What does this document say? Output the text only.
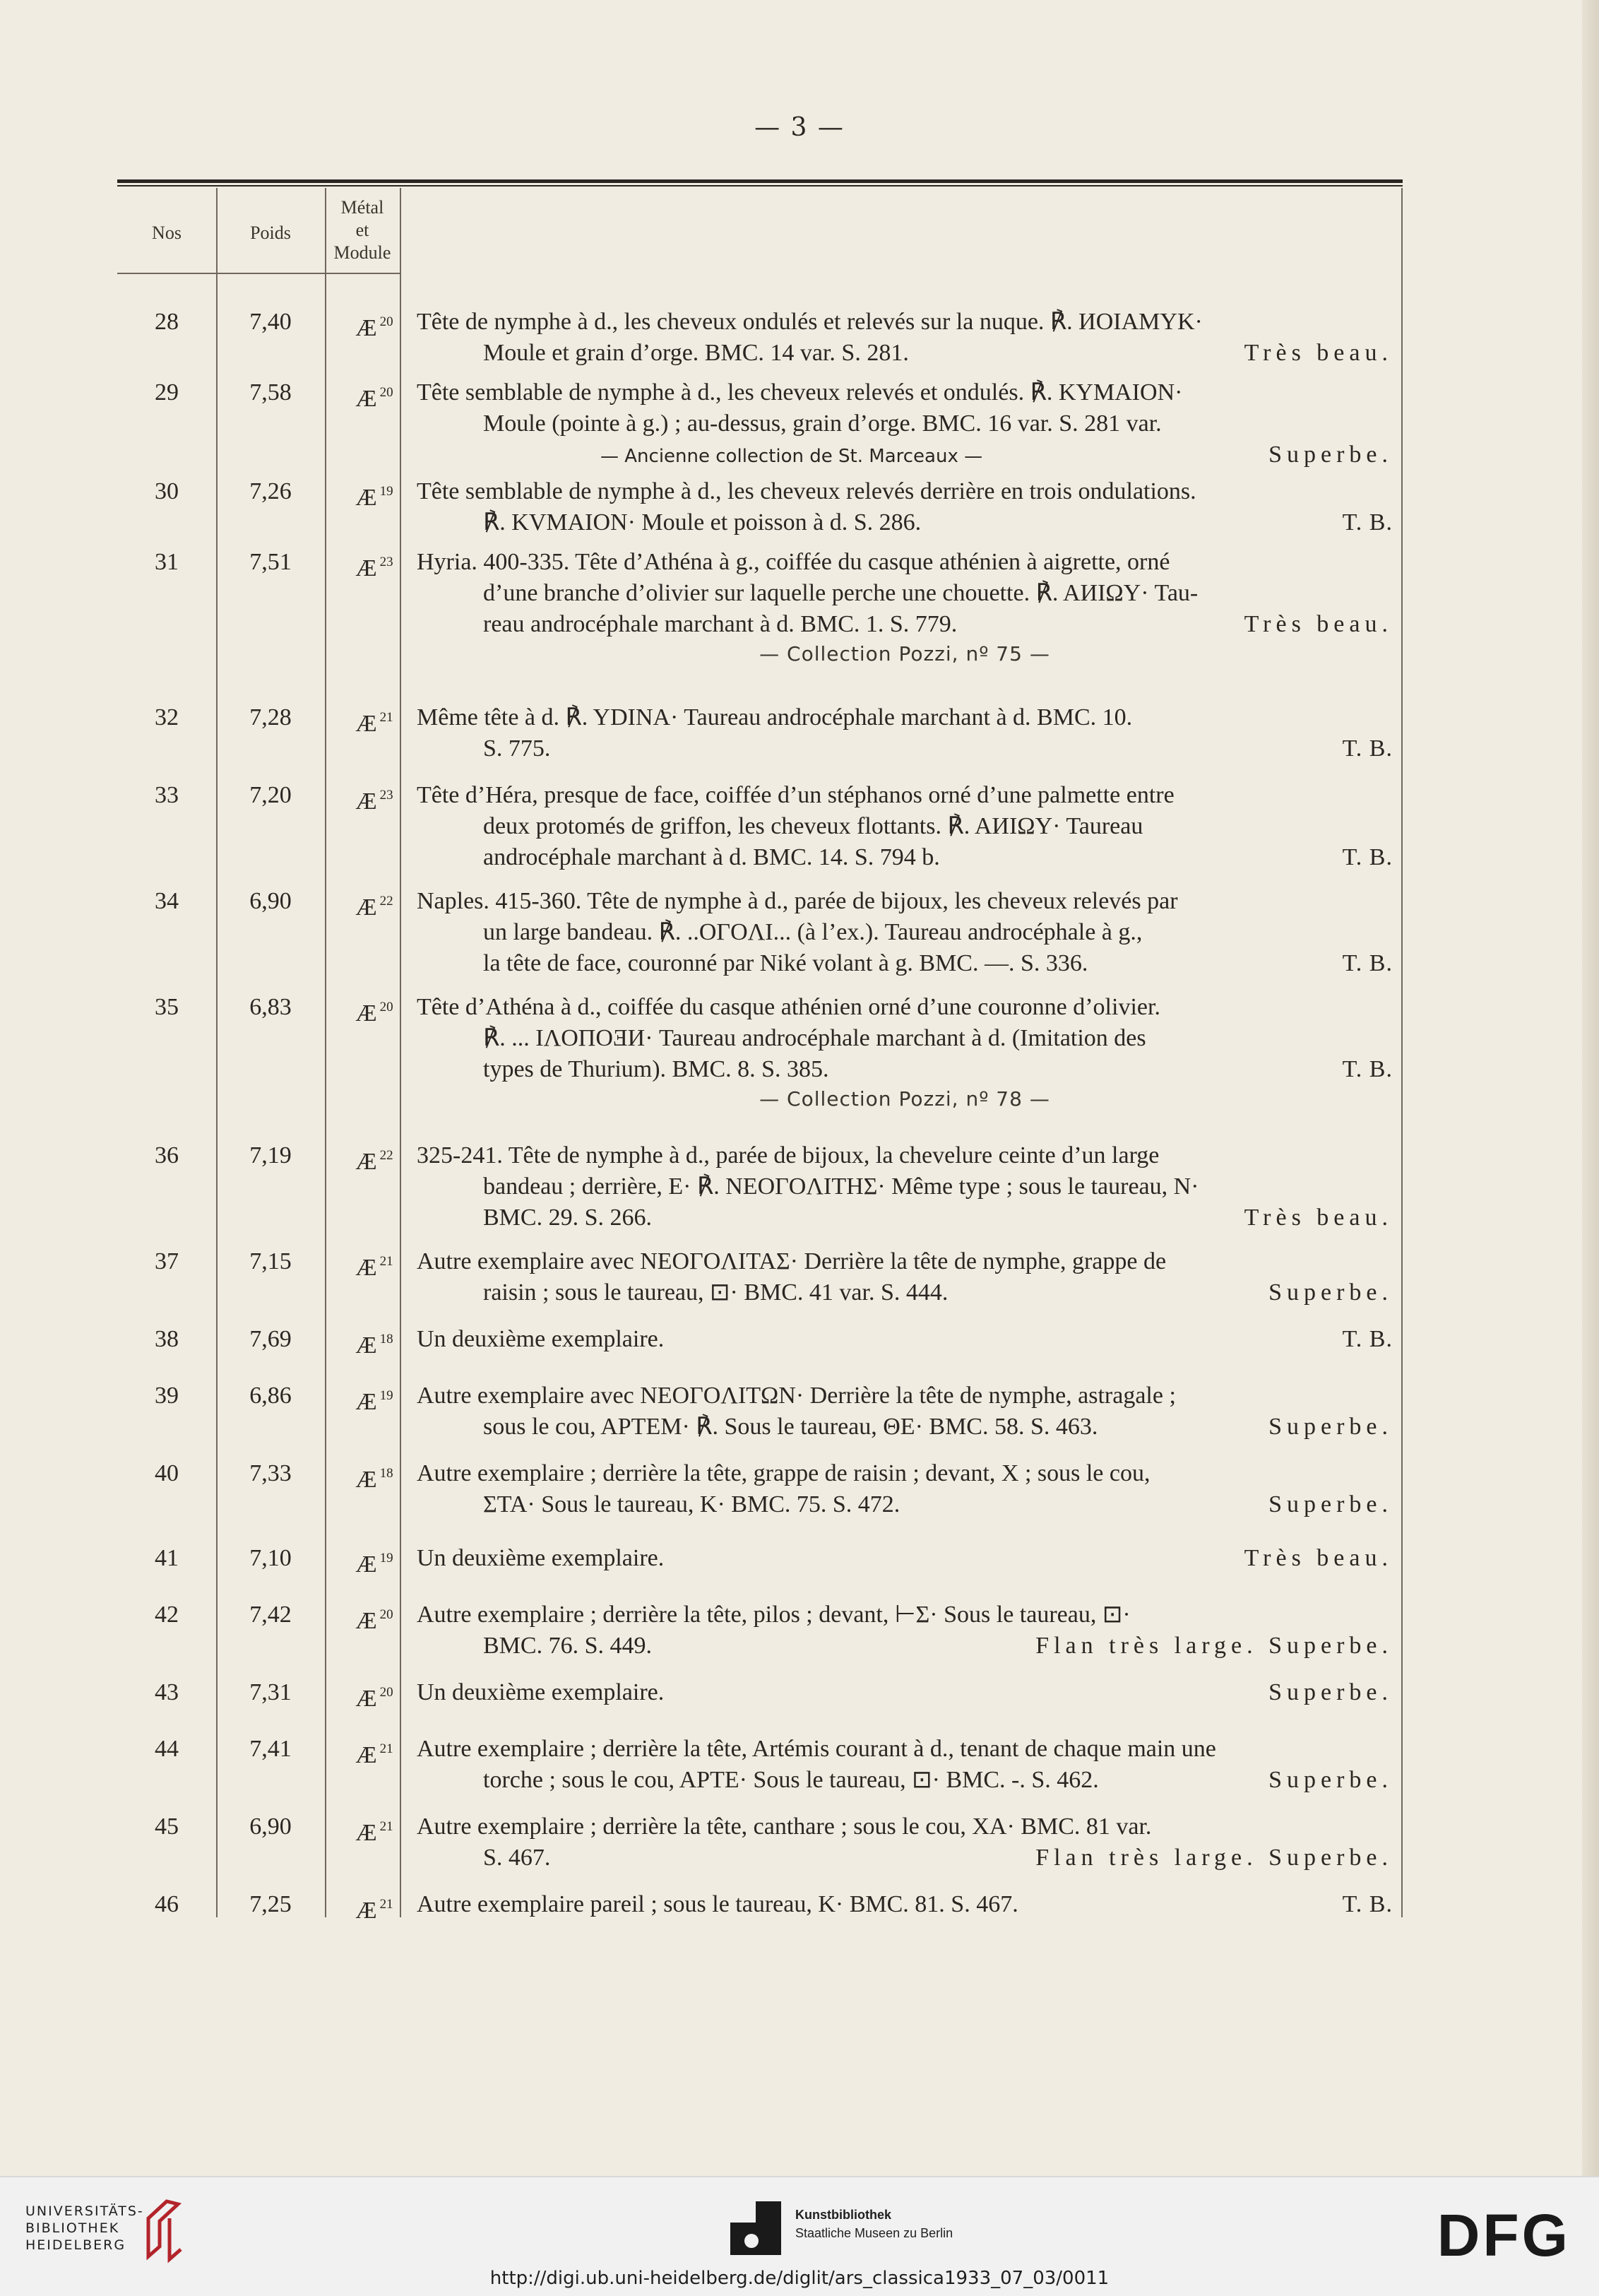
— 3 —
Nos	Poids
Métal
et
Module
28	7,40	Æ $^{20}$ Tête de nymphe à d., les cheveux ondulés et relevés sur la nuque. ℟. ИOIAMYK·
Moule et grain d’orge. BMC. 14 var. S. 281.	Très beau.
29	7,58	Æ $^{20}$ Tête semblable de nymphe à d., les cheveux relevés et ondulés. ℟. KYMAION·
Moule (pointe à g.) ; au-dessus, grain d’orge. BMC. 16 var. S. 281 var.
— Ancienne collection de St. Marceaux —	Superbe.
30	7,26	Æ $^{19}$ Tête semblable de nymphe à d., les cheveux relevés derrière en trois ondulations.
℟. KVMAION· Moule et poisson à d. S. 286.	T. B.
31	7,51	Æ $^{23}$ Hyria. 400-335. Tête d’Athéna à g., coiffée du casque athénien à aigrette, orné
d’une branche d’olivier sur laquelle perche une chouette. ℟. AИIΩY· Tau-
reau androcéphale marchant à d. BMC. 1. S. 779.	Très beau.
— Collection Pozzi, nº 75 —
32	7,28	Æ $^{21}$ Même tête à d. ℟. YDINA· Taureau androcéphale marchant à d. BMC. 10.
S. 775.	T. B.
33	7,20	Æ $^{23}$ Tête d’Héra, presque de face, coiffée d’un stéphanos orné d’une palmette entre
deux protomés de griffon, les cheveux flottants. ℟. AИIΩY· Taureau
androcéphale marchant à d. BMC. 14. S. 794 b.	T. B.
34	6,90	Æ $^{22}$ Naples. 415-360. Tête de nymphe à d., parée de bijoux, les cheveux relevés par
un large bandeau. ℟. ..OΓOΛI... (à l’ex.). Taureau androcéphale à g.,
la tête de face, couronné par Niké volant à g. BMC. —. S. 336.	T. B.
35	6,83	Æ $^{20}$ Tête d’Athéna à d., coiffée du casque athénien orné d’une couronne d’olivier.
℟. ... IΛOΠOƎИ· Taureau androcéphale marchant à d. (Imitation des
types de Thurium). BMC. 8. S. 385.	T. B.
— Collection Pozzi, nº 78 —
36	7,19	Æ $^{22}$ 325-241. Tête de nymphe à d., parée de bijoux, la chevelure ceinte d’un large
bandeau ; derrière, E· ℟. NEOΓOΛITHΣ· Même type ; sous le taureau, N·
BMC. 29. S. 266.	Très beau.
37	7,15	Æ $^{21}$ Autre exemplaire avec NEOΓOΛITAΣ· Derrière la tête de nymphe, grappe de
raisin ; sous le taureau, ⊡· BMC. 41 var. S. 444.	Superbe.
38	7,69	Æ $^{18}$ Un deuxième exemplaire.	T. B.
39	6,86	Æ $^{19}$ Autre exemplaire avec NEOΓOΛITΩN· Derrière la tête de nymphe, astragale ;
sous le cou, APTEM· ℟. Sous le taureau, ΘE· BMC. 58. S. 463.	Superbe.
40	7,33	Æ $^{18}$ Autre exemplaire ; derrière la tête, grappe de raisin ; devant, X ; sous le cou,
ΣTA· Sous le taureau, K· BMC. 75. S. 472.	Superbe.
41	7,10	Æ $^{19}$ Un deuxième exemplaire.	Très beau.
42	7,42	Æ $^{20}$ Autre exemplaire ; derrière la tête, pilos ; devant, ⊢Σ· Sous le taureau, ⊡·
BMC. 76. S. 449.	Flan très large. Superbe.
43	7,31	Æ $^{20}$ Un deuxième exemplaire.	Superbe.
44	7,41	Æ $^{21}$ Autre exemplaire ; derrière la tête, Artémis courant à d., tenant de chaque main une
torche ; sous le cou, APTE· Sous le taureau, ⊡· BMC. -. S. 462.	Superbe.
45	6,90	Æ $^{21}$ Autre exemplaire ; derrière la tête, canthare ; sous le cou, XA· BMC. 81 var.
S. 467.	Flan très large. Superbe.
46	7,25	Æ $^{21}$ Autre exemplaire pareil ; sous le taureau, K· BMC. 81. S. 467.	T. B.
UNIVERSITÄTS-
BIBLIOTHEK
HEIDELBERG
Kunstbibliothek
Staatliche Museen zu Berlin	DFG
http://digi.ub.uni-heidelberg.de/diglit/ars_classica1933_07_03/0011
